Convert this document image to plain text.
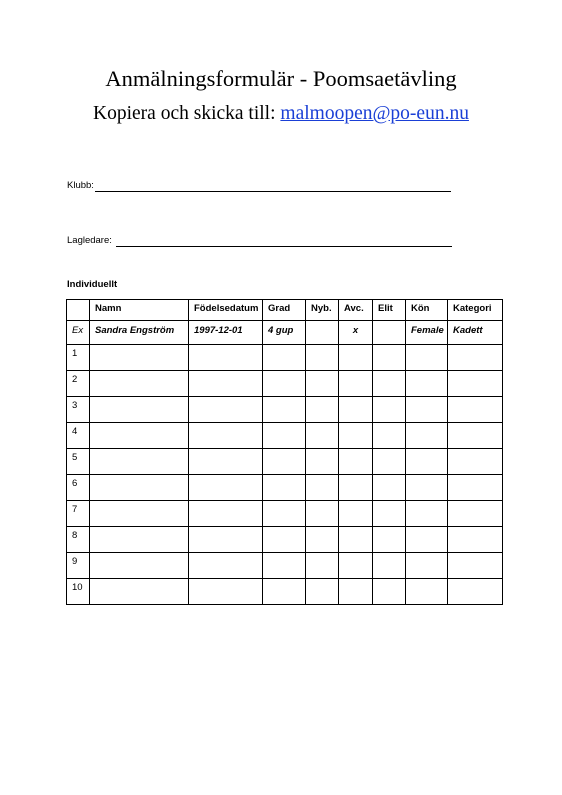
Anmälningsformulär - Poomsaetävling
Kopiera och skicka till: malmoopen@po-eun.nu
Klubb:
Lagledare:
Individuellt
	Namn	Födelsedatum	Grad	Nyb.	Avc.	Elit	Kön	Kategori
Ex	Sandra Engström	1997-12-01	4 gup		x		Female	Kadett
1								
2								
3								
4								
5								
6								
7								
8								
9								
10								
